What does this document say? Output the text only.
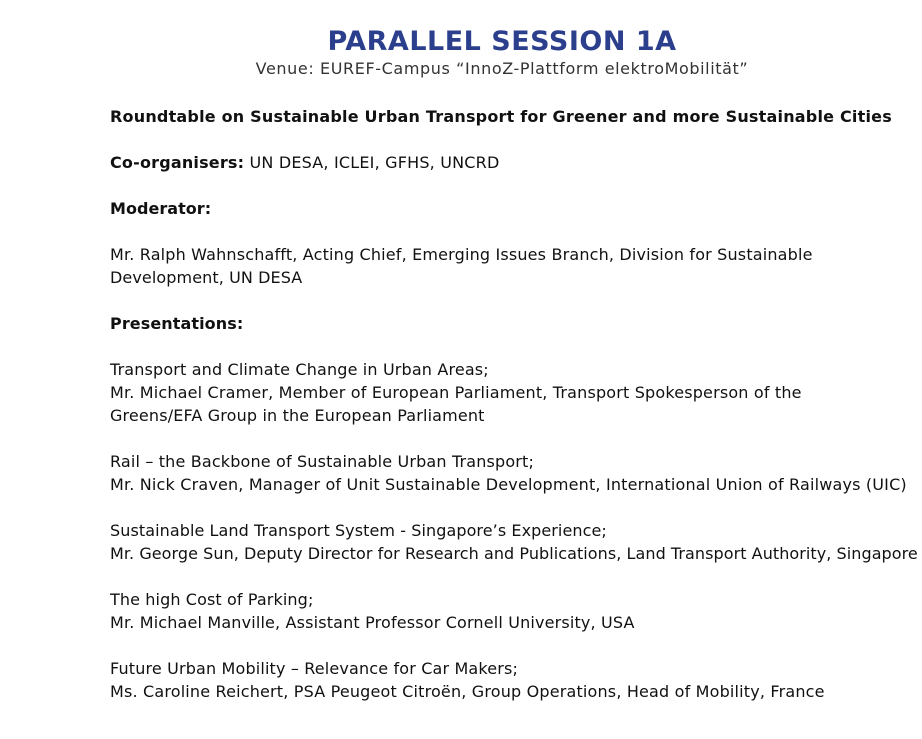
PARALLEL SESSION 1A
Venue: EUREF-Campus “InnoZ-Plattform elektroMobilität”
Roundtable on Sustainable Urban Transport for Greener and more Sustainable Cities
Co-organisers: UN DESA, ICLEI, GFHS, UNCRD
Moderator:
Mr. Ralph Wahnschafft, Acting Chief, Emerging Issues Branch, Division for Sustainable
Development, UN DESA
Presentations:
Transport and Climate Change in Urban Areas;
Mr. Michael Cramer, Member of European Parliament, Transport Spokesperson of the
Greens/EFA Group in the European Parliament
Rail – the Backbone of Sustainable Urban Transport;
Mr. Nick Craven, Manager of Unit Sustainable Development, International Union of Railways (UIC)
Sustainable Land Transport System - Singapore’s Experience;
Mr. George Sun, Deputy Director for Research and Publications, Land Transport Authority, Singapore
The high Cost of Parking;
Mr. Michael Manville, Assistant Professor Cornell University, USA
Future Urban Mobility – Relevance for Car Makers;
Ms. Caroline Reichert, PSA Peugeot Citroën, Group Operations, Head of Mobility, France
